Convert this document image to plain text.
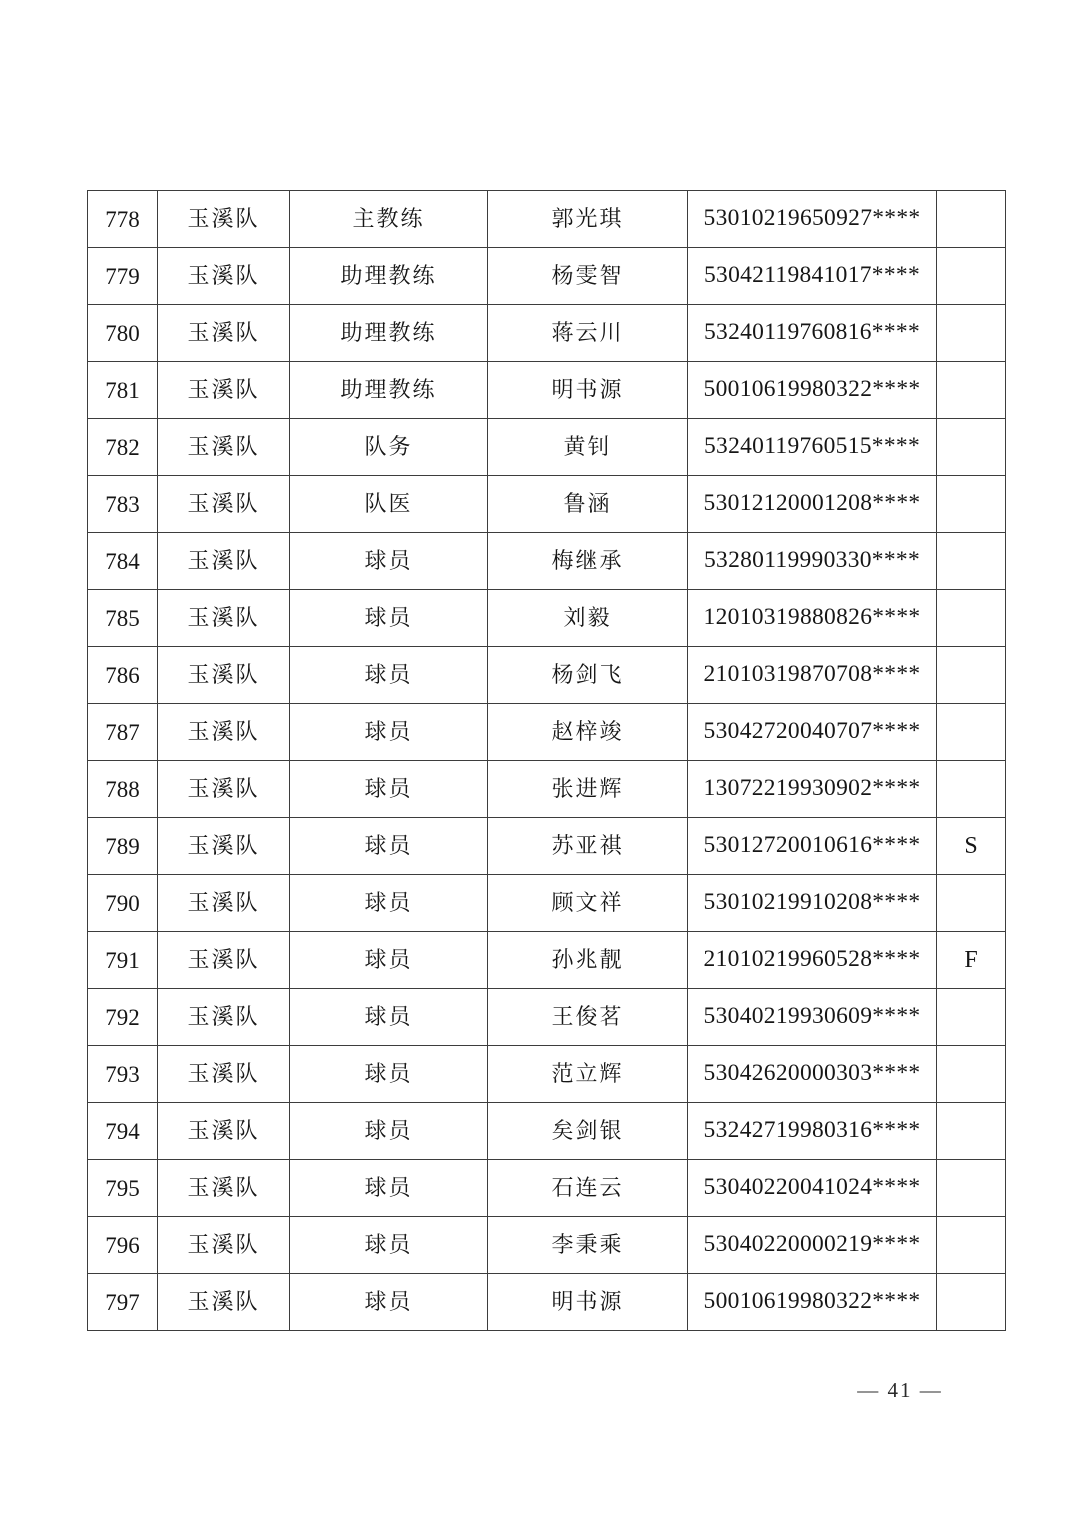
778	玉溪队	主教练	郭光琪	53010219650927****	
779	玉溪队	助理教练	杨雯智	53042119841017****	
780	玉溪队	助理教练	蒋云川	53240119760816****	
781	玉溪队	助理教练	明书源	50010619980322****	
782	玉溪队	队务	黄钊	53240119760515****	
783	玉溪队	队医	鲁涵	53012120001208****	
784	玉溪队	球员	梅继承	53280119990330****	
785	玉溪队	球员	刘毅	12010319880826****	
786	玉溪队	球员	杨剑飞	21010319870708****	
787	玉溪队	球员	赵梓竣	53042720040707****	
788	玉溪队	球员	张进辉	13072219930902****	
789	玉溪队	球员	苏亚祺	53012720010616****	S
790	玉溪队	球员	顾文祥	53010219910208****	
791	玉溪队	球员	孙兆靓	21010219960528****	F
792	玉溪队	球员	王俊茗	53040219930609****	
793	玉溪队	球员	范立辉	53042620000303****	
794	玉溪队	球员	矣剑银	53242719980316****	
795	玉溪队	球员	石连云	53040220041024****	
796	玉溪队	球员	李秉乘	53040220000219****	
797	玉溪队	球员	明书源	50010619980322****	
— 41 —
